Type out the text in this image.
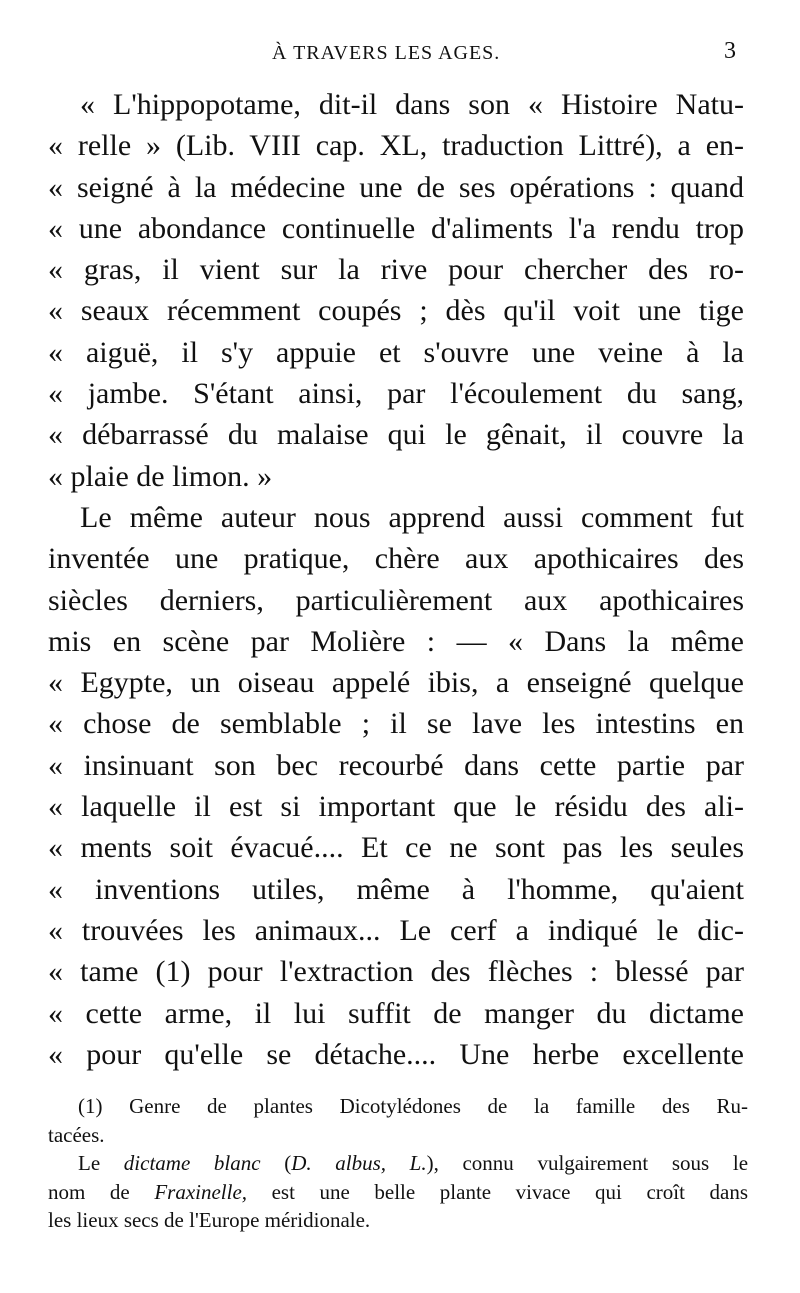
À TRAVERS LES AGES.	3
« L'hippopotame, dit-il dans son « Histoire Natu-
« relle » (Lib. VIII cap. XL, traduction Littré), a en-
« seigné à la médecine une de ses opérations : quand
« une abondance continuelle d'aliments l'a rendu trop
« gras, il vient sur la rive pour chercher des ro-
« seaux récemment coupés ; dès qu'il voit une tige
« aiguë, il s'y appuie et s'ouvre une veine à la
« jambe. S'étant ainsi, par l'écoulement du sang,
« débarrassé du malaise qui le gênait, il couvre la
« plaie de limon. »
Le même auteur nous apprend aussi comment fut
inventée une pratique, chère aux apothicaires des
siècles derniers, particulièrement aux apothicaires
mis en scène par Molière : — « Dans la même
« Egypte, un oiseau appelé ibis, a enseigné quelque
« chose de semblable ; il se lave les intestins en
« insinuant son bec recourbé dans cette partie par
« laquelle il est si important que le résidu des ali-
« ments soit évacué.... Et ce ne sont pas les seules
« inventions utiles, même à l'homme, qu'aient
« trouvées les animaux... Le cerf a indiqué le dic-
« tame (1) pour l'extraction des flèches : blessé par
« cette arme, il lui suffit de manger du dictame
« pour qu'elle se détache.... Une herbe excellente
(1) Genre de plantes Dicotylédones de la famille des Ru-
tacées.
Le dictame blanc (D. albus, L.), connu vulgairement sous le
nom de Fraxinelle, est une belle plante vivace qui croît dans
les lieux secs de l'Europe méridionale.
